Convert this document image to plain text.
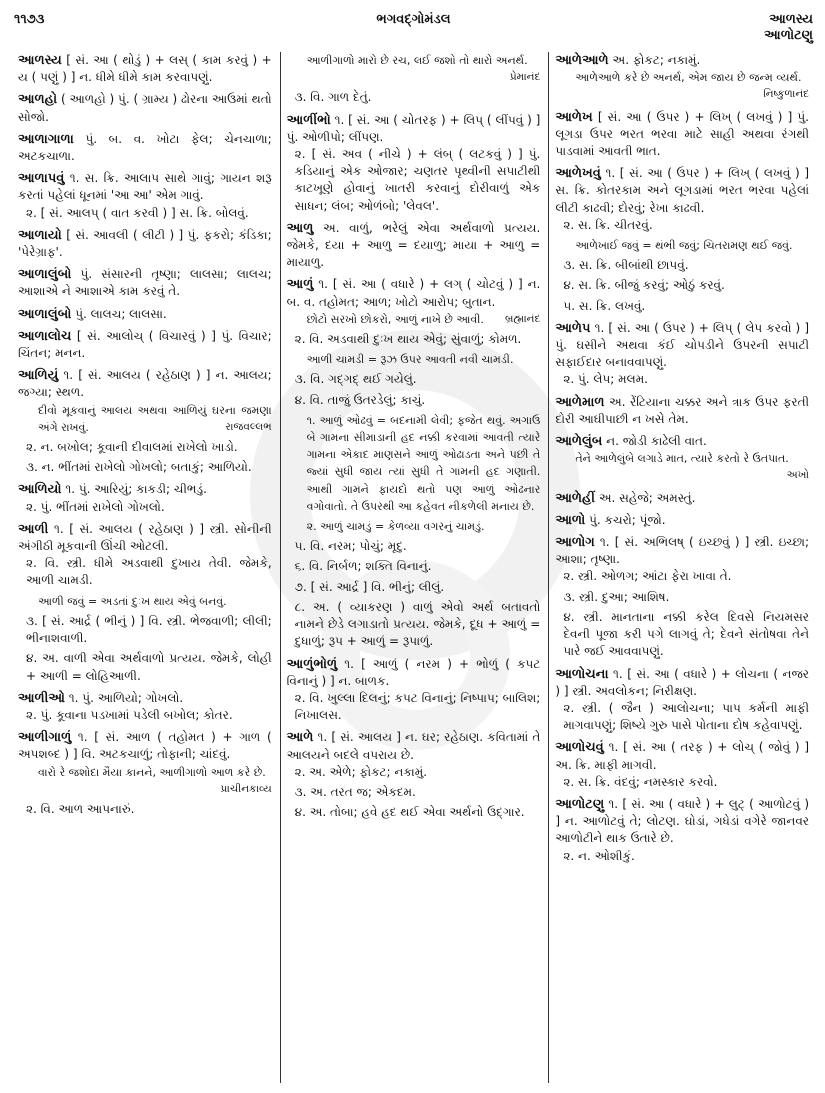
૧૧૭૩	ભગવદ્ગોમંડલ	આળસ્ય
આળોટણુ
આળસ્ય [ સં. આ ( થોડું ) + લસ્ ( કામ કરવું ) + ય ( પણું ) ] ન. ધીમે ધીમે કામ કરવાપણું.
આળહો ( આળહો ) પું. ( ગ્રામ્ય ) ઢોરના આઉમાં થતો સોજો.
આળાગાળા પું. બ. વ. ખોટા ફેલ; ચેનચાળા; અટકચાળા.
આળાપવું ૧. સ. ક્રિ. આલાપ સાથે ગાવું; ગાયન શરૂ કરતાં પહેલાં ધૂનમાં 'આ આ' એમ ગાવું.
૨. [ સં. આલપ્ ( વાત કરવી ) ] સ. ક્રિ. બોલવું.
આળાયો [ સં. આવલી ( લીટી ) ] પું. ફકરો; કંડિકા; 'પેરેગ્રાફ'.
આળાલુંબો પું. સંસારની તૃષ્ણા; લાલસા; લાલચ; આશાએ ને આશાએ કામ કરવું તે.
આળાલુંબો પું. લાલચ; લાલસા.
આળાલોચ [ સં. આલોચ્ ( વિચારવું ) ] પું. વિચાર; ચિંતન; મનન.
આળિયું ૧. [ સં. આલય ( રહેઠાણ ) ] ન. આલય; જગ્યા; સ્થળ.
દીવો મૂકવાનું આલય અથવા આળિયું ઘરના જમણા અંગે રાખવું.	રાજવલ્લભ
૨. ન. બખોલ; કૂવાની દીવાલમાં રાખેલો ખાડો.
૩. ન. ભીંતમાં રાખેલો ગોખલો; બતાકું; આળિયો.
આળિયો ૧. પું. આરિયું; કાકડી; ચીભડું.
૨. પું. ભીંતમાં રાખેલો ગોખલો.
આળી ૧. [ સં. આલય ( રહેઠાણ ) ] સ્ત્રી. સોનીની અંગીઠી મૂકવાની ઊંચી ઓટલી.
૨. વિ. સ્ત્રી. ધીમે અડવાથી દુખાય તેવી. જેમકે, આળી ચામડી.
આળી જવું = અડતાં દુઃખ થાય એવું બનવું.
૩. [ સં. આર્દ્ર ( ભીનું ) ] વિ. સ્ત્રી. ભેજવાળી; લીલી; ભીનાશવાળી.
૪. અ. વાળી એવા અર્થવાળો પ્રત્યય. જેમકે, લોહી + આળી = લોહિઆળી.
આળીઓ ૧. પું. આળિયો; ગોખલો.
૨. પું. કૂવાના પડખામાં પડેલી બખોલ; કોતર.
આળીગાળું ૧. [ સં. આળ ( તહોમત ) + ગાળ ( અપશબ્દ ) ] વિ. અટકચાળું; તોફાની; ચાંદવું.
વારો રે જશોદા મૈયા કાનને, આળીગાળો આળ કરે છે.
પ્રાચીનકાવ્ય
૨. વિ. આળ આપનારું.
આળીગાળો મારો છે રચ, લઈ જશો તો થારો અનર્થ.
પ્રેમાનંદ
૩. વિ. ગાળ દેતું.
આળીંભો ૧. [ સં. આ ( ચોતરફ ) + લિપ્ ( લીંપવું ) ] પું. ઓળીપો; લીંપણ.
૨. [ સં. અવ ( નીચે ) + લંબ્ ( લટકવું ) ] પું. કડિયાનું એક ઓજાર; ચણતર પૃથ્વીની સપાટીથી કાટખૂણે હોવાનું ખાતરી કરવાનું દોરીવાળું એક સાધન; લંબ; ઓળંબો; 'લેવલ'.
આળુ અ. વાળું, ભરેલું એવા અર્થવાળો પ્રત્યય. જેમકે, દયા + આળુ = દયાળુ; માયા + આળુ = માયાળુ.
આળું ૧. [ સં. આ ( વધારે ) + લગ્ ( ચોટવું ) ] ન. બ. વ. તહોમત; આળ; ખોટો આરોપ; બુતાન.
છોટો સરખો છોકરો, આળું નાખે છે આવી. બ્રહ્માનંદ
૨. વિ. અડવાથી દુઃખ થાય એવું; સુંવાળું; કોમળ.
આળી ચામડી = રૂઝ ઉપર આવતી નવી ચામડી.
૩. વિ. ગદ્‌ગદ્ થઈ ગયેલું.
૪. વિ. તાજું ઉતરડેલું; કાચું.
૧. આળું ઓઢવું = બદનામી લેવી; ફજેત થવું. અગાઉ બે ગામના સીમાડાની હદ નક્કી કરવામાં આવતી ત્યારે ગામના એકાદ માણસને આળું ઓઢાડતા અને પછી તે જ્યાં સુધી જાય ત્યાં સુધી તે ગામની હદ ગણાતી. આથી ગામને ફાયદો થતો પણ આળું ઓઢનાર વગોવાતો. તે ઉપરથી આ કહેવત નીકળેલી મનાય છે.
૨. આળું ચામડું = કેળવ્યા વગરનું ચામડું.
૫. વિ. નરમ; પોચું; મૃદુ.
૬. વિ. નિર્બળ; શક્તિ વિનાનું.
૭. [ સં. આર્દ્ર ] વિ. ભીનું; લીલું.
૮. અ. ( વ્યાકરણ ) વાળું એવો અર્થ બતાવતો નામને છેડે લગાડાતો પ્રત્યય. જેમકે, દૂધ + આળું = દુધાળું; રૂપ + આળું = રૂપાળું.
આળુંભોળું ૧. [ આળું ( નરમ ) + ભોળું ( કપટ વિનાનું ) ] ન. બાળક.
૨. વિ. ખુલ્લા દિલનું; કપટ વિનાનું; નિષ્પાપ; બાલિશ; નિખાલસ.
આળે ૧. [ સં. આલય ] ન. ઘર; રહેઠાણ. કવિતામાં તે આલયને બદલે વપરાય છે.
૨. અ. એળે; ફોકટ; નકામું.
૩. અ. તરત જ; એકદમ.
૪. અ. તોબા; હવે હદ થઈ એવા અર્થનો ઉદ્‌ગાર.
આળેઆળે અ. ફોકટ; નકામું.
આળેઆળે કરે છે અનર્થ, એમ જાય છે જન્મ વ્યર્થ.
નિષ્કુળાનંદ
આળેખ [ સં. આ ( ઉપર ) + લિખ્ ( લખવું ) ] પું. લૂગડા ઉપર ભરત ભરવા માટે સાહી અથવા રંગથી પાડવામાં આવતી ભાત.
આળેખવું ૧. [ સં. આ ( ઉપર ) + લિખ્ ( લખવું ) ] સ. ક્રિ. કોતરકામ અને લૂગડામાં ભરત ભરવા પહેલાં લીટી કાઢવી; દોરવું; રેખા કાઢવી.
૨. સ. ક્રિ. ચીતરવું.
આળેખાઈ જવું = થંભી જવું; ચિતરામણ થઈ જવું.
૩. સ. ક્રિ. બીબાંથી છાપવું.
૪. સ. ક્રિ. બીજું કરવું; ઓઠું કરવું.
૫. સ. ક્રિ. લખવું.
આળેપ ૧. [ સં. આ ( ઉપર ) + લિપ્ ( લેપ કરવો ) ] પું. ઘસીને અથવા કંઈ ચોપડીને ઉપરની સપાટી સફાઈદાર બનાવવાપણું.
૨. પું. લેપ; મલમ.
આળેમાળ અ. રેંટિયાના ચક્કર અને ત્રાક ઉપર ફરતી દોરી આઘીપાછી ન ખસે તેમ.
આળેલુંબ ન. જોડી કાઢેલી વાત.
તેને આળેલુંબે લગાડે માત, ત્યારે કરતો રે ઉતપાત.
અખો
આળેહીં અ. સહેજે; અમસ્તું.
આળો પું. કચરો; પૂંજો.
આળોગ ૧. [ સં. અભિલષ્ ( ઇચ્છવું ) ] સ્ત્રી. ઇચ્છા; આશા; તૃષ્ણા.
૨. સ્ત્રી. ઓળગ; આંટા ફેરા ખાવા તે.
૩. સ્ત્રી. દુઆ; આશિષ.
૪. સ્ત્રી. માનતાના નક્કી કરેલ દિવસે નિયમસર દેવની પૂજા કરી પગે લાગવું તે; દેવને સંતોષવા તેને પારે જઈ આવવાપણું.
આળોચના ૧. [ સં. આ ( વધારે ) + લોચના ( નજર ) ] સ્ત્રી. અવલોકન; નિરીક્ષણ.
૨. સ્ત્રી. ( જૈન ) આલોચના; પાપ કર્મની માફી માગવાપણું; શિષ્યે ગુરુ પાસે પોતાના દોષ કહેવાપણું.
આળોચવું ૧. [ સં. આ ( તરફ ) + લોચ્ ( જોવું ) ] અ. ક્રિ. માફી માગવી.
૨. સ. ક્રિ. વંદવું; નમસ્કાર કરવો.
આળોટણુ ૧. [ સં. આ ( વધારે ) + લુટ્ ( આળોટવું ) ] ન. આળોટવું તે; લોટણ. ઘોડાં, ગધેડાં વગેરે જાનવર આળોટીને થાક ઉતારે છે.
૨. ન. ઓશીકું.
